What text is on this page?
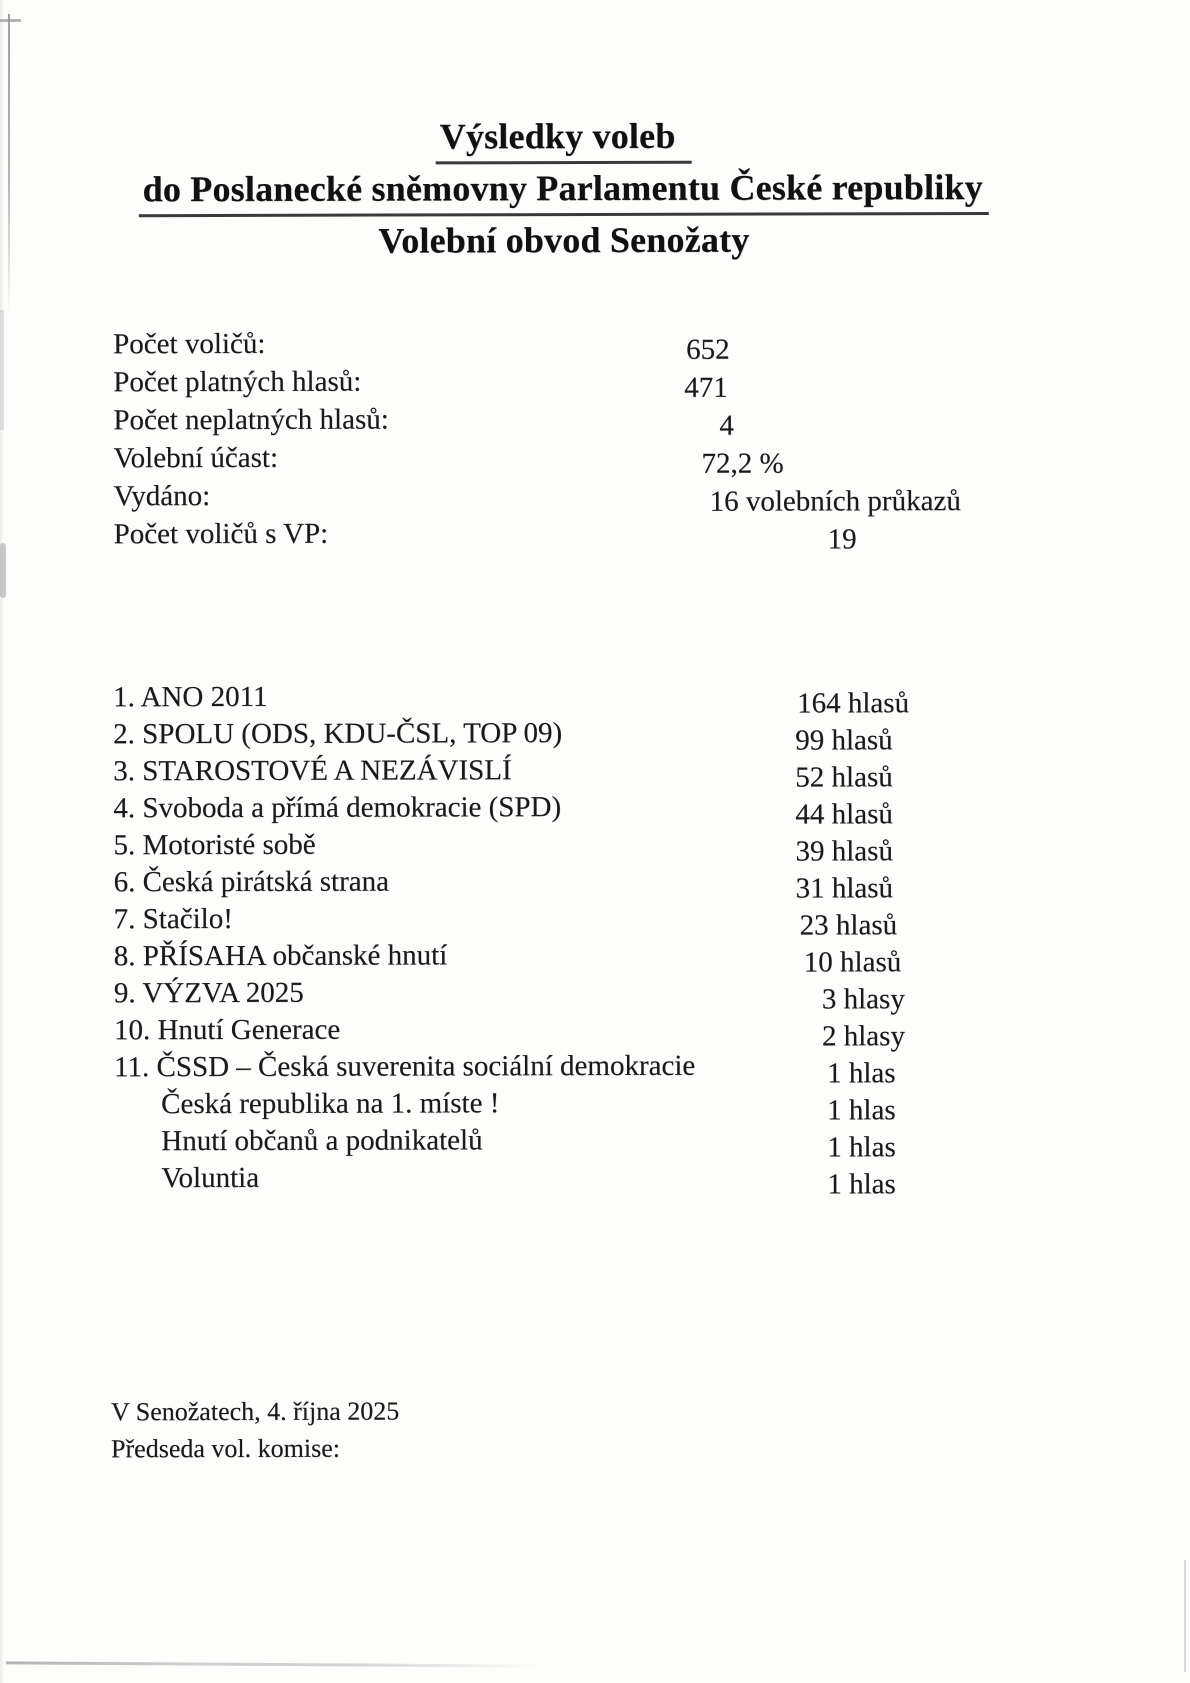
Výsledky voleb
do Poslanecké sněmovny Parlamentu České republiky
Volební obvod Senožaty
Počet voličů:	652
Počet platných hlasů:	471
Počet neplatných hlasů:	4
Volební účast:	72,2 %
Vydáno:	16 volebních průkazů
Počet voličů s VP:	19
1. ANO 2011	164 hlasů
2. SPOLU (ODS, KDU-ČSL, TOP 09)	99 hlasů
3. STAROSTOVÉ A NEZÁVISLÍ	52 hlasů
4. Svoboda a přímá demokracie (SPD)	44 hlasů
5. Motoristé sobě	39 hlasů
6. Česká pirátská strana	31 hlasů
7. Stačilo!	23 hlasů
8. PŘÍSAHA občanské hnutí	10 hlasů
9. VÝZVA 2025	3 hlasy
10. Hnutí Generace	2 hlasy
11. ČSSD – Česká suverenita sociální demokracie	1 hlas
Česká republika na 1. míste !	1 hlas
Hnutí občanů a podnikatelů	1 hlas
Voluntia	1 hlas
V Senožatech, 4. října 2025
Předseda vol. komise:
